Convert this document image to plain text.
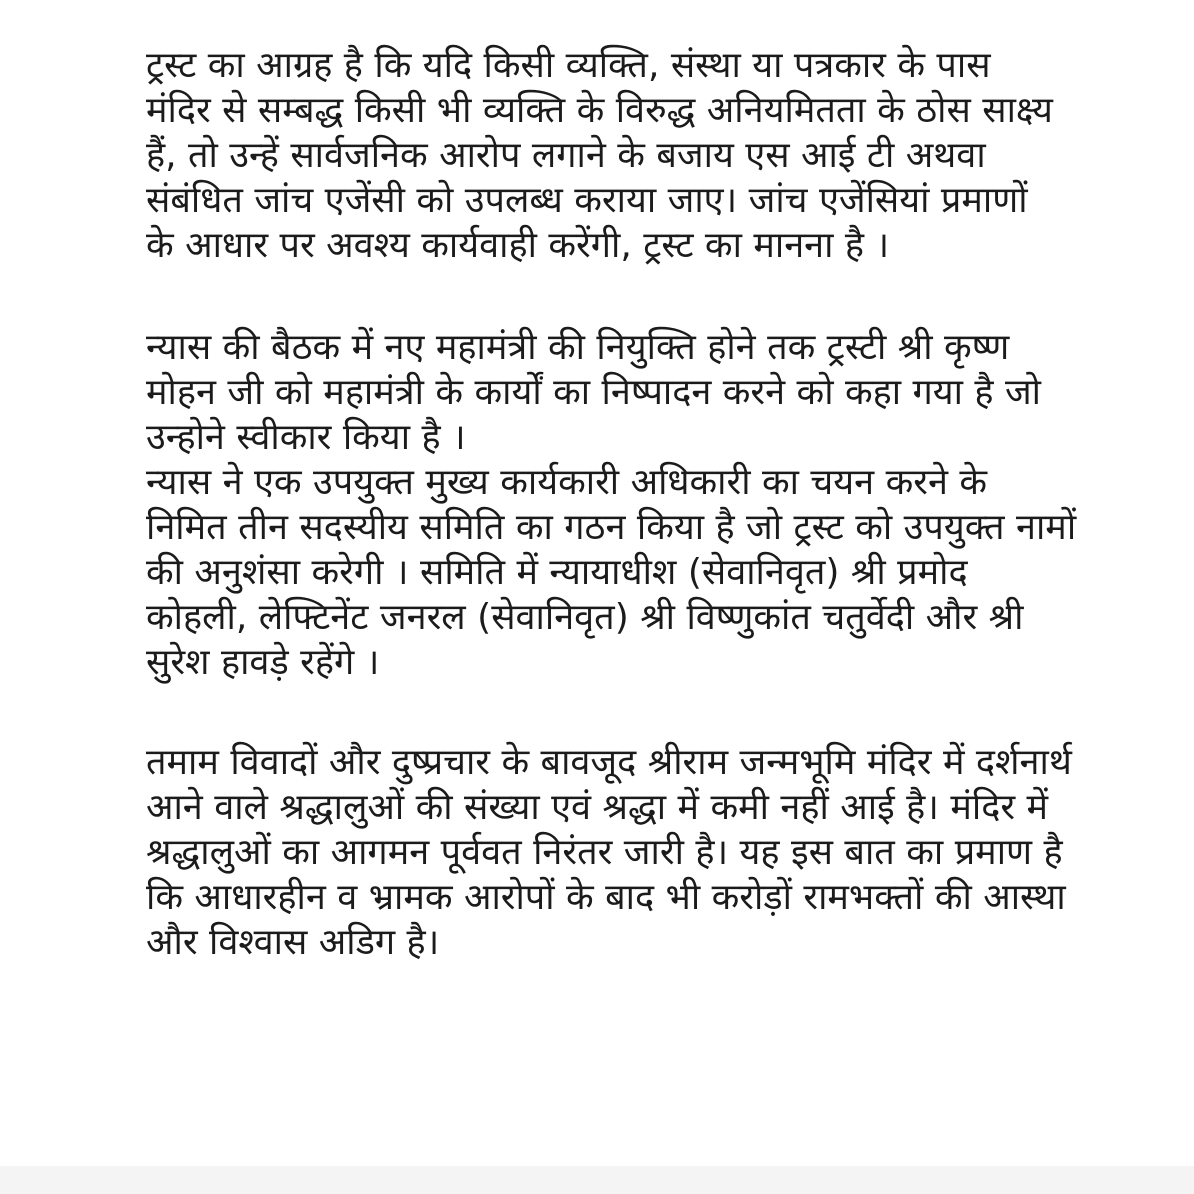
ट्रस्ट का आग्रह है कि यदि किसी व्यक्ति, संस्था या पत्रकार के पास
मंदिर से सम्बद्ध किसी भी व्यक्ति के विरुद्ध अनियमितता के ठोस साक्ष्य
हैं, तो उन्हें सार्वजनिक आरोप लगाने के बजाय एस आई टी अथवा
संबंधित जांच एजेंसी को उपलब्ध कराया जाए। जांच एजेंसियां प्रमाणों
के आधार पर अवश्य कार्यवाही करेंगी, ट्रस्ट का मानना है ।
न्यास की बैठक में नए महामंत्री की नियुक्ति होने तक ट्रस्टी श्री कृष्ण
मोहन जी को महामंत्री के कार्यों का निष्पादन करने को कहा गया है जो
उन्होने स्वीकार किया है ।
न्यास ने एक उपयुक्त मुख्य कार्यकारी अधिकारी का चयन करने के
निमित तीन सदस्यीय समिति का गठन किया है जो ट्रस्ट को उपयुक्त नामों
की अनुशंसा करेगी । समिति में न्यायाधीश (सेवानिवृत) श्री प्रमोद
कोहली, लेफ्टिनेंट जनरल (सेवानिवृत) श्री विष्णुकांत चतुर्वेदी और श्री
सुरेश हावड़े रहेंगे ।
तमाम विवादों और दुष्प्रचार के बावजूद श्रीराम जन्मभूमि मंदिर में दर्शनार्थ
आने वाले श्रद्धालुओं की संख्या एवं श्रद्धा में कमी नहीं आई है। मंदिर में
श्रद्धालुओं का आगमन पूर्ववत निरंतर जारी है। यह इस बात का प्रमाण है
कि आधारहीन व भ्रामक आरोपों के बाद भी करोड़ों रामभक्तों की आस्था
और विश्वास अडिग है।
